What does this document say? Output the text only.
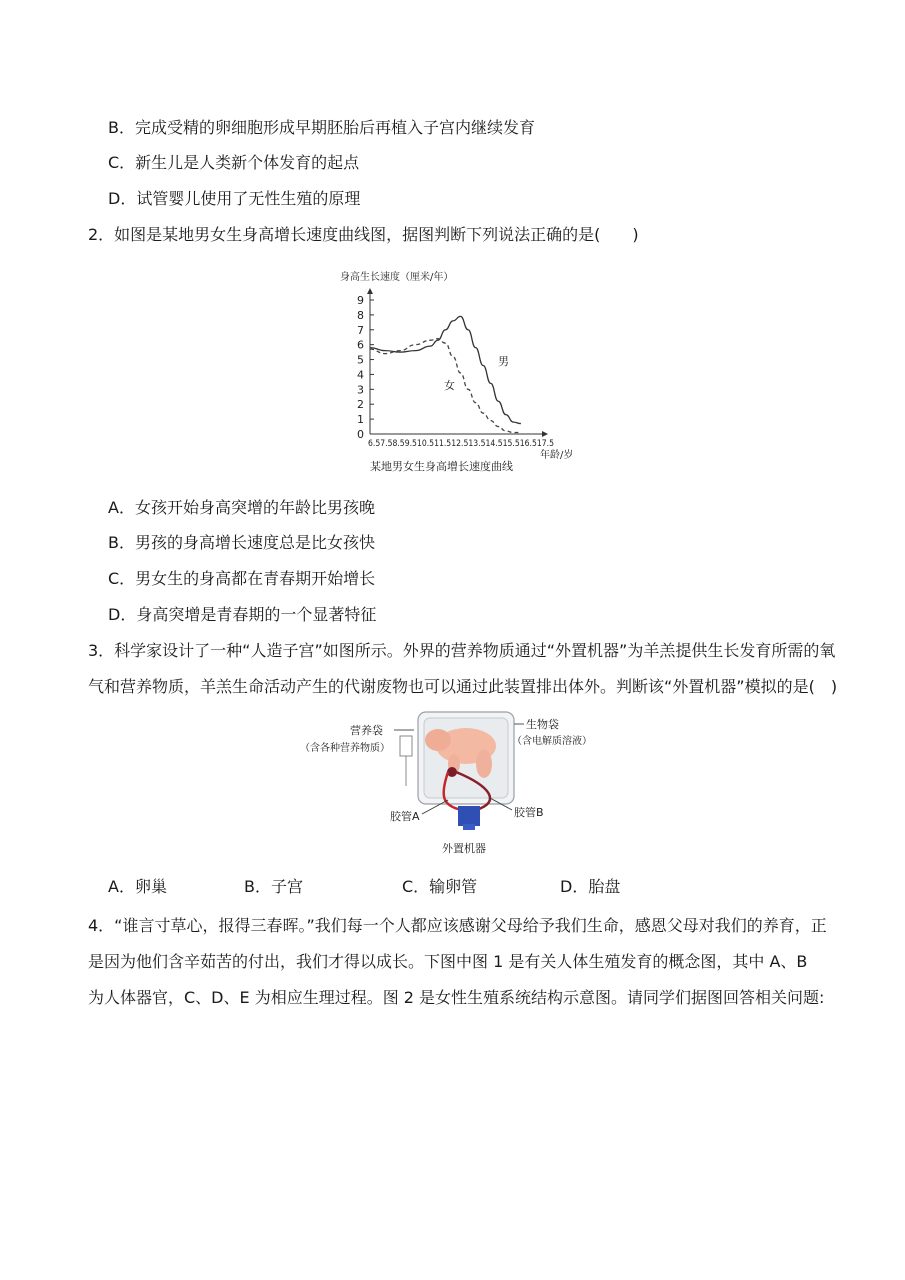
B．完成受精的卵细胞形成早期胚胎后再植入子宫内继续发育
C．新生儿是人类新个体发育的起点
D．试管婴儿使用了无性生殖的原理
2．如图是某地男女生身高增长速度曲线图，据图判断下列说法正确的是(　　)
身高生长速度（厘米/年）
0
1
2
3
4
5
6
7
8
9
6.57.58.59.510.511.512.513.514.515.516.517.5
年龄/岁
某地男女生身高增长速度曲线
男
女
A．女孩开始身高突增的年龄比男孩晚
B．男孩的身高增长速度总是比女孩快
C．男女生的身高都在青春期开始增长
D．身高突增是青春期的一个显著特征
3．科学家设计了一种“人造子宫”如图所示。外界的营养物质通过“外置机器”为羊羔提供生长发育所需的氧
气和营养物质，羊羔生命活动产生的代谢废物也可以通过此装置排出体外。判断该“外置机器”模拟的是(　)
营养袋
（含各种营养物质）
生物袋
（含电解质溶液）
胶管A	胶管B
外置机器
A．卵巢	B．子宫	C．输卵管	D．胎盘
4．“谁言寸草心，报得三春晖。”我们每一个人都应该感谢父母给予我们生命，感恩父母对我们的养育，正是因为他们含辛茹苦的付出，我们才得以成长。下图中图 1 是有关人体生殖发育的概念图，其中 A、B 为人体器官，C、D、E 为相应生理过程。图 2 是女性生殖系统结构示意图。请同学们据图回答相关问题:
